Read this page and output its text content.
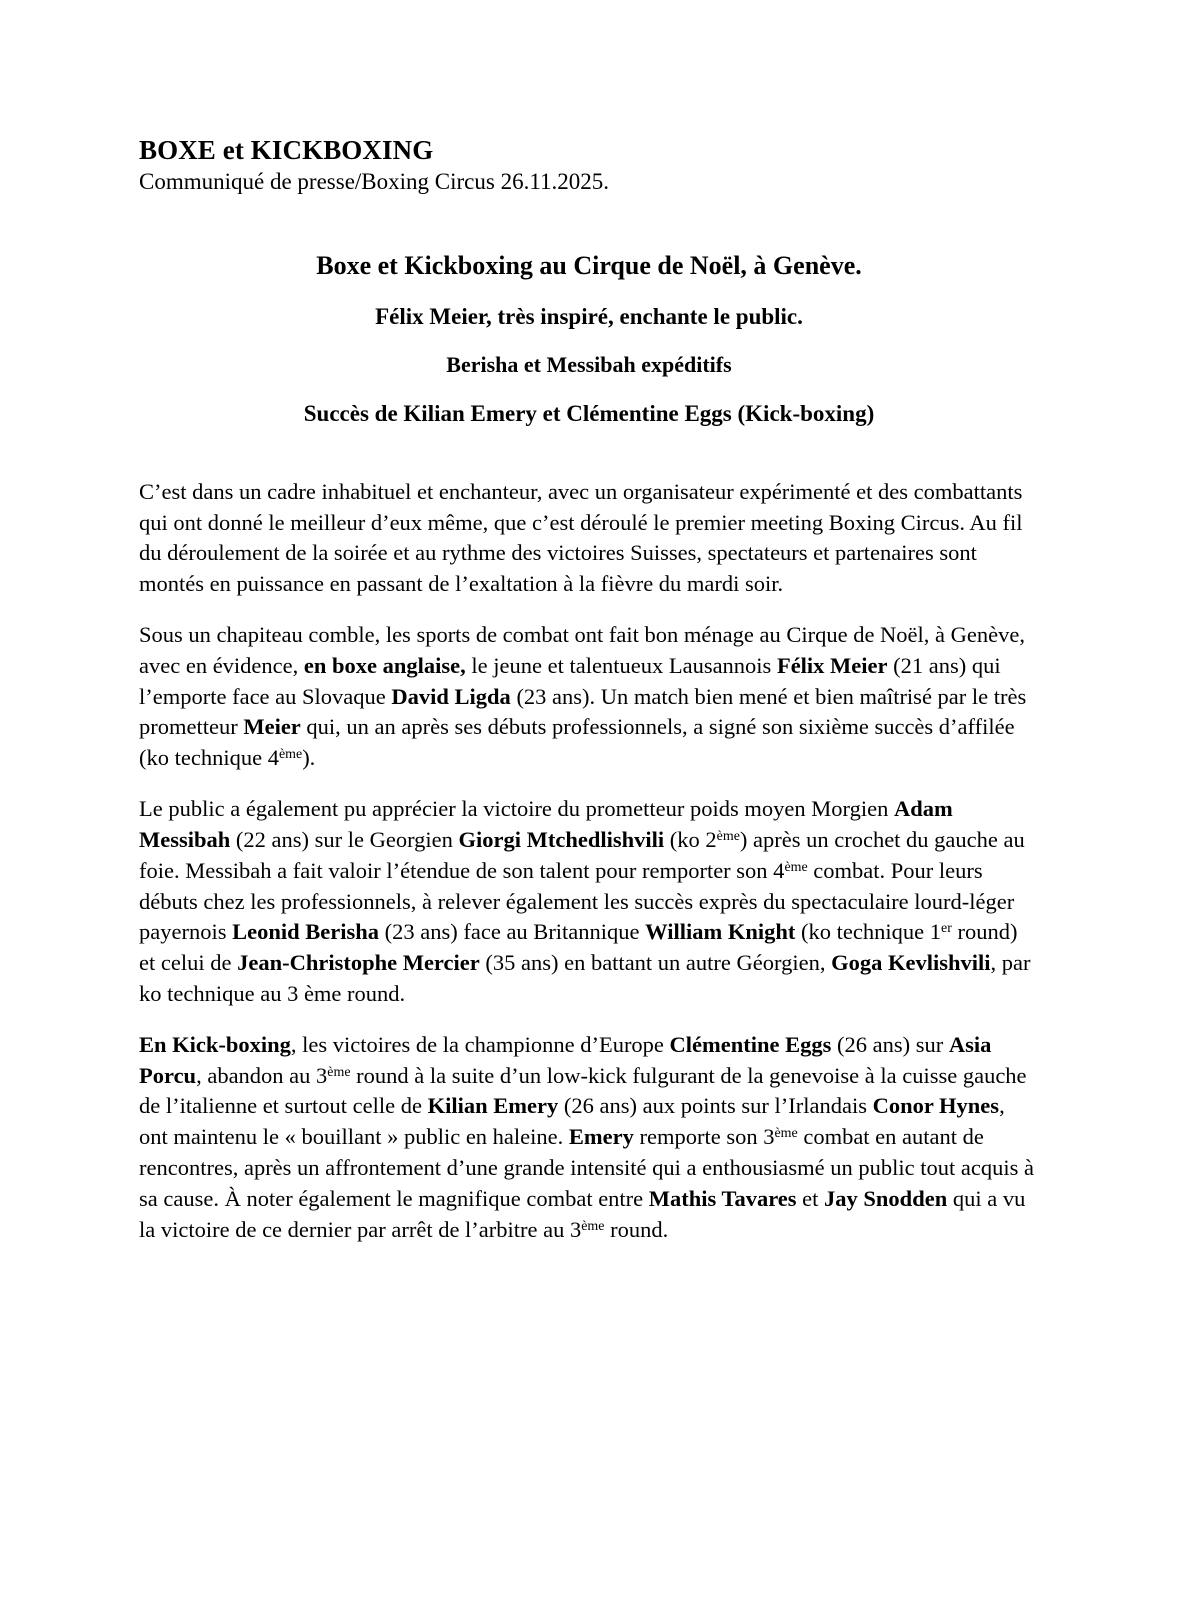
BOXE et KICKBOXING

Communiqué de presse/Boxing Circus 26.11.2025.

Boxe et Kickboxing au Cirque de Noël, à Genève.

Félix Meier, très inspiré, enchante le public.

Berisha et Messibah expéditifs

Succès de Kilian Emery et Clémentine Eggs (Kick-boxing)

C’est dans un cadre inhabituel et enchanteur, avec un organisateur expérimenté et des combattants qui ont donné le meilleur d’eux même, que c’est déroulé le premier meeting Boxing Circus. Au fil du déroulement de la soirée et au rythme des victoires Suisses, spectateurs et partenaires sont montés en puissance en passant de l’exaltation à la fièvre du mardi soir.

Sous un chapiteau comble, les sports de combat ont fait bon ménage au Cirque de Noël, à Genève, avec en évidence, en boxe anglaise, le jeune et talentueux Lausannois Félix Meier (21 ans) qui l’emporte face au Slovaque David Ligda (23 ans). Un match bien mené et bien maîtrisé par le très prometteur Meier qui, un an après ses débuts professionnels, a signé son sixième succès d’affilée (ko technique 4ème).

Le public a également pu apprécier la victoire du prometteur poids moyen Morgien Adam Messibah (22 ans) sur le Georgien Giorgi Mtchedlishvili (ko 2ème) après un crochet du gauche au foie. Messibah a fait valoir l’étendue de son talent pour remporter son 4ème combat. Pour leurs débuts chez les professionnels, à relever également les succès exprès du spectaculaire lourd-léger payernois Leonid Berisha (23 ans) face au Britannique William Knight (ko technique 1er round) et celui de Jean-Christophe Mercier (35 ans) en battant un autre Géorgien, Goga Kevlishvili, par ko technique au 3 ème round.

En Kick-boxing, les victoires de la championne d’Europe Clémentine Eggs (26 ans) sur Asia Porcu, abandon au 3ème round à la suite d’un low-kick fulgurant de la genevoise à la cuisse gauche de l’italienne et surtout celle de Kilian Emery (26 ans) aux points sur l’Irlandais Conor Hynes, ont maintenu le « bouillant » public en haleine. Emery remporte son 3ème combat en autant de rencontres, après un affrontement d’une grande intensité qui a enthousiasmé un public tout acquis à sa cause. À noter également le magnifique combat entre Mathis Tavares et Jay Snodden qui a vu la victoire de ce dernier par arrêt de l’arbitre au 3ème round.
